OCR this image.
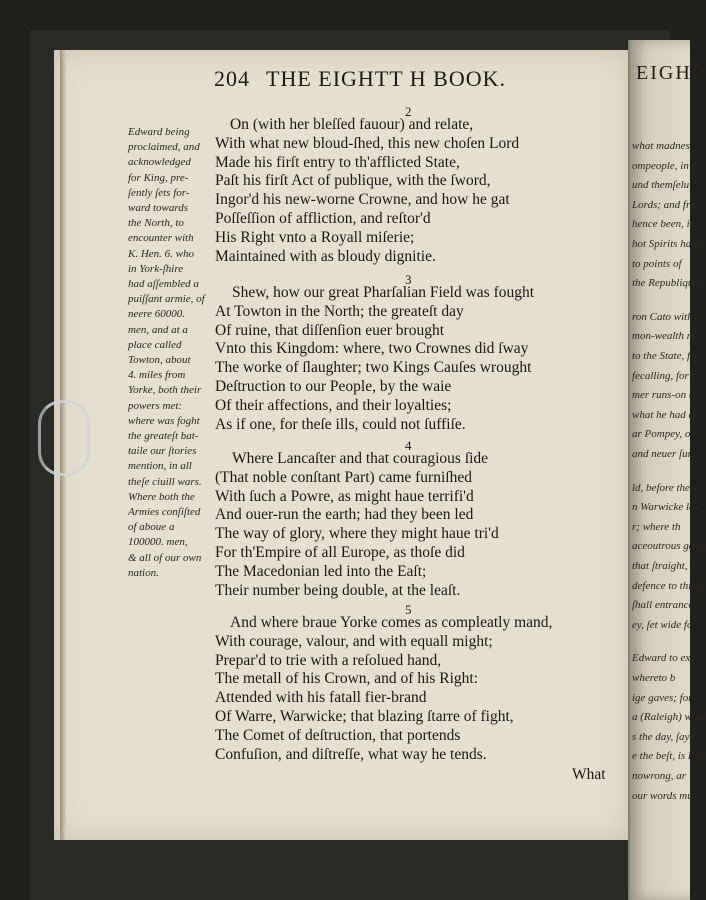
204 THE EIGHTT H BOOK.
Edward being
proclaimed, and
acknowledged
for King, pre-
ſently ſets for-
ward towards
the North, to
encounter with
K. Hen. 6. who
in York-ſhire
had aſſembled a
puiſſant armie, of
neere 60000.
men, and at a
place called
Towton, about
4. miles from
Yorke, both their
powers met:
where was foght
the greateſt bat-
taile our ſtories
mention, in all
theſe ciuill wars.
Where both the
Armies conſiſted
of aboue a
100000. men,
& all of our own
nation.
2
On (with her bleſſed fauour) and relate,
With what new bloud-ſhed, this new choſen Lord
Made his firſt entry to th'afflicted State,
Paſt his firſt Act of publique, with the ſword,
Ingor'd his new-worne Crowne, and how he gat
Poſſeſſion of affliction, and reſtor'd
His Right vnto a Royall miſerie;
Maintained with as bloudy dignitie.
3
Shew, how our great Pharſalian Field was fought
At Towton in the North; the greateſt day
Of ruine, that diſſenſion euer brought
Vnto this Kingdom: where, two Crownes did ſway
The worke of ſlaughter; two Kings Cauſes wrought
Deſtruction to our People, by the waie
Of their affections, and their loyalties;
As if one, for theſe ills, could not ſuffiſe.
4
Where Lancaſter and that couragious ſide
(That noble conſtant Part) came furniſhed
With ſuch a Powre, as might haue terrifi'd
And ouer-run the earth; had they been led
The way of glory, where they might haue tri'd
For th'Empire of all Europe, as thoſe did
The Macedonian led into the Eaſt;
Their number being double, at the leaſt.
5
And where braue Yorke comes as compleatly mand,
With courage, valour, and with equall might;
Prepar'd to trie with a reſolued hand,
The metall of his Crown, and of his Right:
Attended with his fatall fier-brand
Of Warre, Warwicke; that blazing ſtarre of fight,
The Comet of deſtruction, that portends
Confuſion, and diſtreſſe, what way he tends.
What
EIGHT
what madnes
ompeople, in ſ
und themſelu
Lords; and fro
hence been, if (
hot Spirits had n
to points of
the Republique
ron Cato with a
mon-wealth nor
to the State, fo
fecalling, for t
mer runs-on t
what he had al
ar Pompey, or a
and neuer ſure t
ld, before theſe
n Warwicke lay
r; where th
aceoutrous galla
that ſtraight, Ye
defence to this g
ſhall entrance o
ey, ſet wide fo
Edward to exh
whereto b
ige gaves; for-
a (Raleigh) whoſ
s the day, ſayd h
e the beſt, is Beſt
nowrong, ar
our words muſ
